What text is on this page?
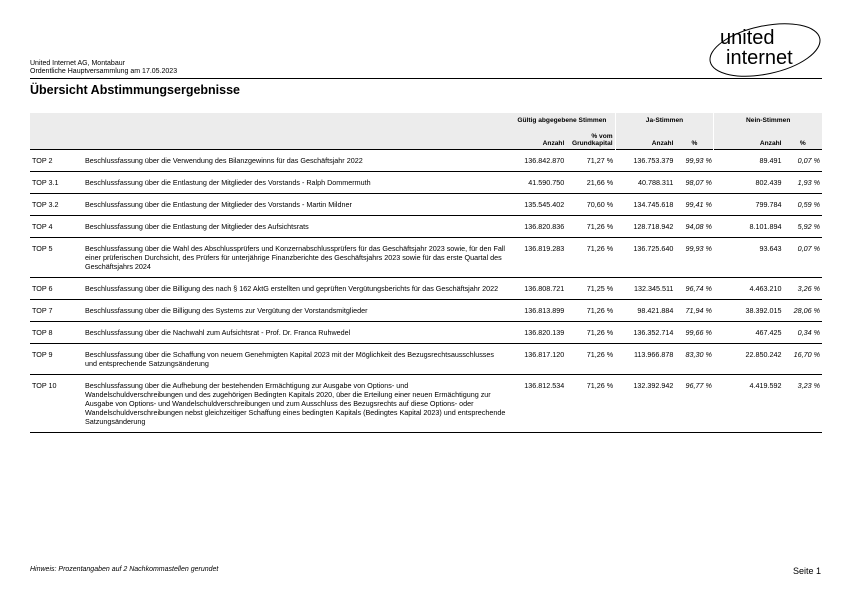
united
internet
United Internet AG, Montabaur
Ordentliche Hauptversammlung am 17.05.2023
Übersicht Abstimmungsergebnisse
		Gültig abgegebene Stimmen		Ja-Stimmen		Nein-Stimmen	
		Anzahl	% vom Grundkapital	Anzahl	%	Anzahl	%
TOP 2	Beschlussfassung über die Verwendung des Bilanzgewinns für das Geschäftsjahr 2022	136.842.870	71,27 %	136.753.379	99,93 %	89.491	0,07 %
TOP 3.1	Beschlussfassung über die Entlastung der Mitglieder des Vorstands - Ralph Dommermuth	41.590.750	21,66 %	40.788.311	98,07 %	802.439	1,93 %
TOP 3.2	Beschlussfassung über die Entlastung der Mitglieder des Vorstands - Martin Mildner	135.545.402	70,60 %	134.745.618	99,41 %	799.784	0,59 %
TOP 4	Beschlussfassung über die Entlastung der Mitglieder des Aufsichtsrats	136.820.836	71,26 %	128.718.942	94,08 %	8.101.894	5,92 %
TOP 5	Beschlussfassung über die Wahl des Abschlussprüfers und Konzernabschlussprüfers für das Geschäftsjahr 2023 sowie, für den Fall einer prüferischen Durchsicht, des Prüfers für unterjährige Finanzberichte des Geschäftsjahrs 2023 sowie für das erste Quartal des Geschäftsjahrs 2024	136.819.283	71,26 %	136.725.640	99,93 %	93.643	0,07 %
TOP 6	Beschlussfassung über die Billigung des nach § 162 AktG erstellten und geprüften Vergütungsberichts für das Geschäftsjahr 2022	136.808.721	71,25 %	132.345.511	96,74 %	4.463.210	3,26 %
TOP 7	Beschlussfassung über die Billigung des Systems zur Vergütung der Vorstandsmitglieder	136.813.899	71,26 %	98.421.884	71,94 %	38.392.015	28,06 %
TOP 8	Beschlussfassung über die Nachwahl zum Aufsichtsrat - Prof. Dr. Franca Ruhwedel	136.820.139	71,26 %	136.352.714	99,66 %	467.425	0,34 %
TOP 9	Beschlussfassung über die Schaffung von neuem Genehmigten Kapital 2023 mit der Möglichkeit des Bezugsrechtsausschlusses und entsprechende Satzungsänderung	136.817.120	71,26 %	113.966.878	83,30 %	22.850.242	16,70 %
TOP 10	Beschlussfassung über die Aufhebung der bestehenden Ermächtigung zur Ausgabe von Options- und Wandelschuldverschreibungen und des zugehörigen Bedingten Kapitals 2020, über die Erteilung einer neuen Ermächtigung zur Ausgabe von Options- und Wandelschuldverschreibungen und zum Ausschluss des Bezugsrechts auf diese Options- oder Wandelschuldverschreibungen nebst gleichzeitiger Schaffung eines bedingten Kapitals (Bedingtes Kapital 2023) und entsprechende Satzungsänderung	136.812.534	71,26 %	132.392.942	96,77 %	4.419.592	3,23 %
Hinweis: Prozentangaben auf 2 Nachkommastellen gerundet	Seite 1
